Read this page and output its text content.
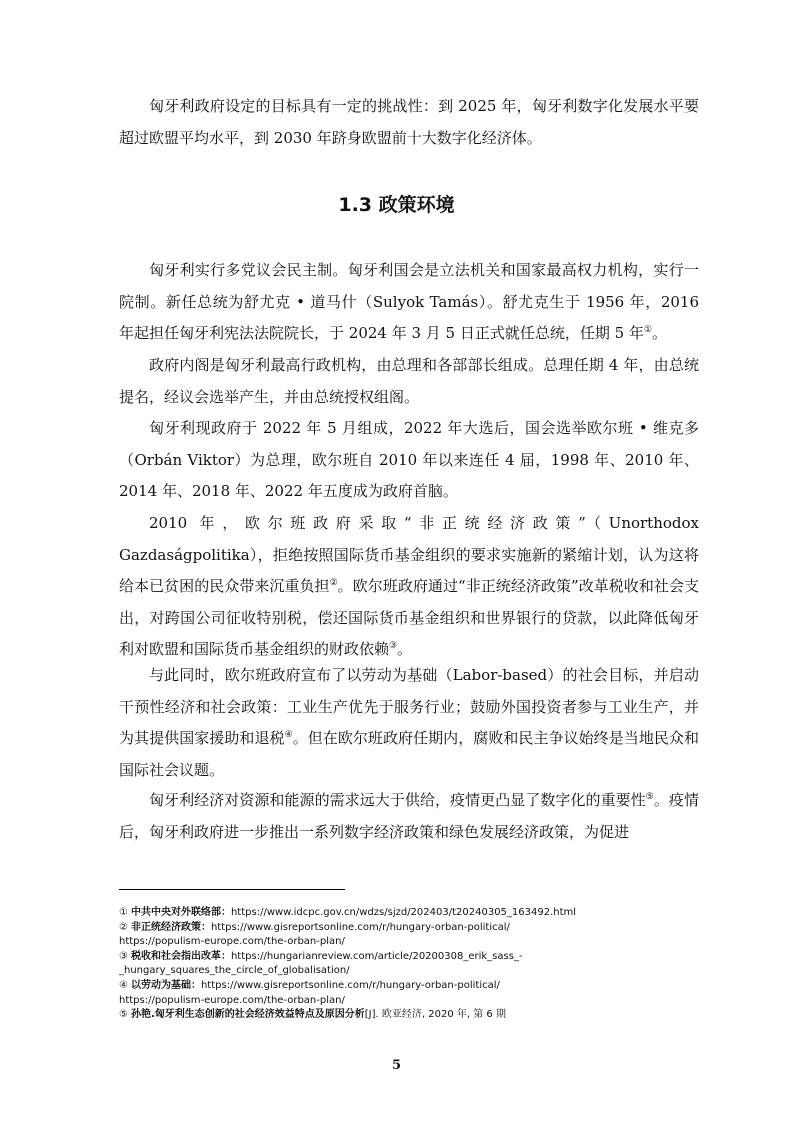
匈牙利政府设定的目标具有一定的挑战性：到 2025 年，匈牙利数字化发展水平要超过欧盟平均水平，到 2030 年跻身欧盟前十大数字化经济体。

1.3 政策环境

匈牙利实行多党议会民主制。匈牙利国会是立法机关和国家最高权力机构，实行一院制。新任总统为舒尤克 • 道马什（Sulyok Tamás）。舒尤克生于 1956 年，2016 年起担任匈牙利宪法法院院长，于 2024 年 3 月 5 日正式就任总统，任期 5 年①。

政府内阁是匈牙利最高行政机构，由总理和各部部长组成。总理任期 4 年，由总统提名，经议会选举产生，并由总统授权组阁。

匈牙利现政府于 2022 年 5 月组成，2022 年大选后，国会选举欧尔班 • 维克多（Orbán Viktor）为总理，欧尔班自 2010 年以来连任 4 届，1998 年、2010 年、2014 年、2018 年、2022 年五度成为政府首脑。

2010 年，欧尔班政府采取“非正统经济政策”（Unorthodox Gazdaságpolitika），拒绝按照国际货币基金组织的要求实施新的紧缩计划，认为这将给本已贫困的民众带来沉重负担②。欧尔班政府通过“非正统经济政策”改革税收和社会支出，对跨国公司征收特别税，偿还国际货币基金组织和世界银行的贷款，以此降低匈牙利对欧盟和国际货币基金组织的财政依赖③。

与此同时，欧尔班政府宣布了以劳动为基础（Labor-based）的社会目标，并启动干预性经济和社会政策：工业生产优先于服务行业；鼓励外国投资者参与工业生产，并为其提供国家援助和退税④。但在欧尔班政府任期内，腐败和民主争议始终是当地民众和国际社会议题。

匈牙利经济对资源和能源的需求远大于供给，疫情更凸显了数字化的重要性⑤。疫情后，匈牙利政府进一步推出一系列数字经济政策和绿色发展经济政策，为促进

① 中共中央对外联络部：https://www.idcpc.gov.cn/wdzs/sjzd/202403/t20240305_163492.html

② 非正统经济政策：https://www.gisreportsonline.com/r/hungary-orban-political/

https://populism-europe.com/the-orban-plan/

③ 税收和社会指出改革：https://hungarianreview.com/article/20200308_erik_sass_-

_hungary_squares_the_circle_of_globalisation/

④ 以劳动为基础：https://www.gisreportsonline.com/r/hungary-orban-political/

https://populism-europe.com/the-orban-plan/

⑤ 孙艳.匈牙利生态创新的社会经济效益特点及原因分析[J]. 欧亚经济, 2020 年, 第 6 期

5
